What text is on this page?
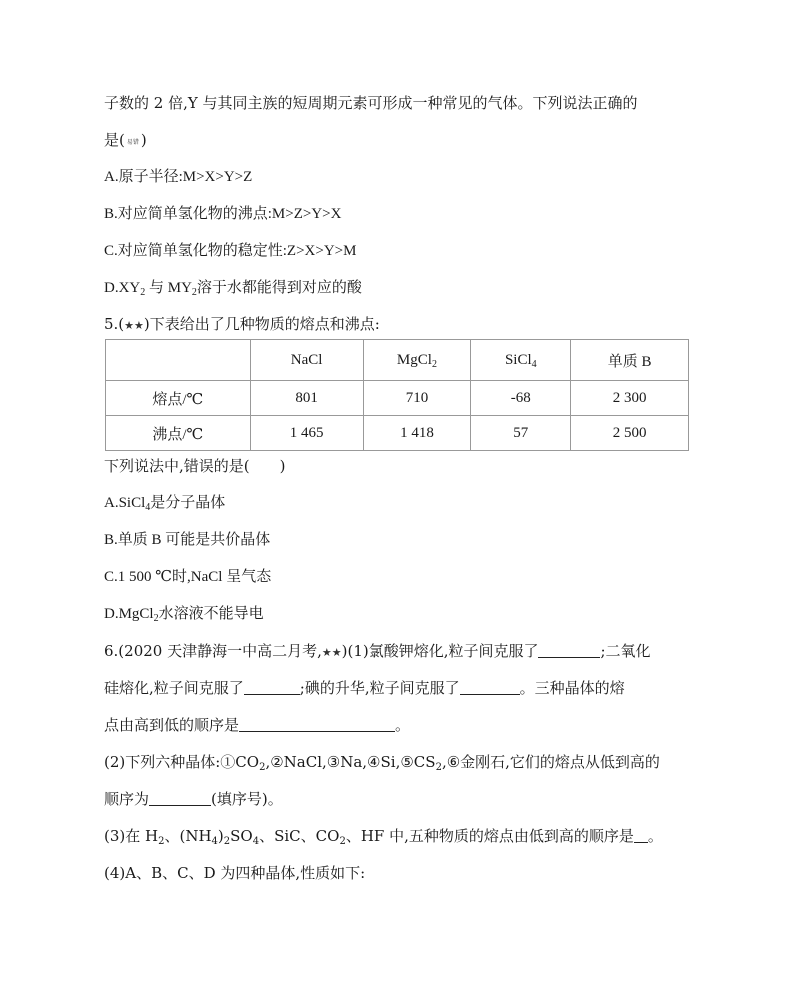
子数的 2 倍,Y 与其同主族的短周期元素可形成一种常见的气体。下列说法正确的
是( 易错 )
A.原子半径:M>X>Y>Z
B.对应简单氢化物的沸点:M>Z>Y>X
C.对应简单氢化物的稳定性:Z>X>Y>M
$D.XY_2$ 与 $MY_2$溶于水都能得到对应的酸
5.(★★)下表给出了几种物质的熔点和沸点:
	NaCl	MgCl$_2$	SiCl$_4$	单质 B
熔点/℃	801	710	-68	2 300
沸点/℃	1 465	1 418	57	2 500
下列说法中,错误的是(　　)
A.SiCl$_4$是分子晶体
B.单质 B 可能是共价晶体
C.1 500 ℃时,NaCl 呈气态
D.MgCl$_2$水溶液不能导电
6.(2020 天津静海一中高二月考,★★)(1)氯酸钾熔化,粒子间克服了	;二氧化
硅熔化,粒子间克服了	;碘的升华,粒子间克服了	。三种晶体的熔
点由高到低的顺序是	。
(2)下列六种晶体$:①CO_2,②NaCl,③Na,④Si,⑤CS_2,⑥$金刚石,它们的熔点从低到高的
顺序为	(填序号)。
(3)在 $H_2$、$(NH_4)_2SO_4$、SiC、$CO_2$、HF 中,五种物质的熔点由低到高的顺序是 。
(4)A、B、C、D 为四种晶体,性质如下:
